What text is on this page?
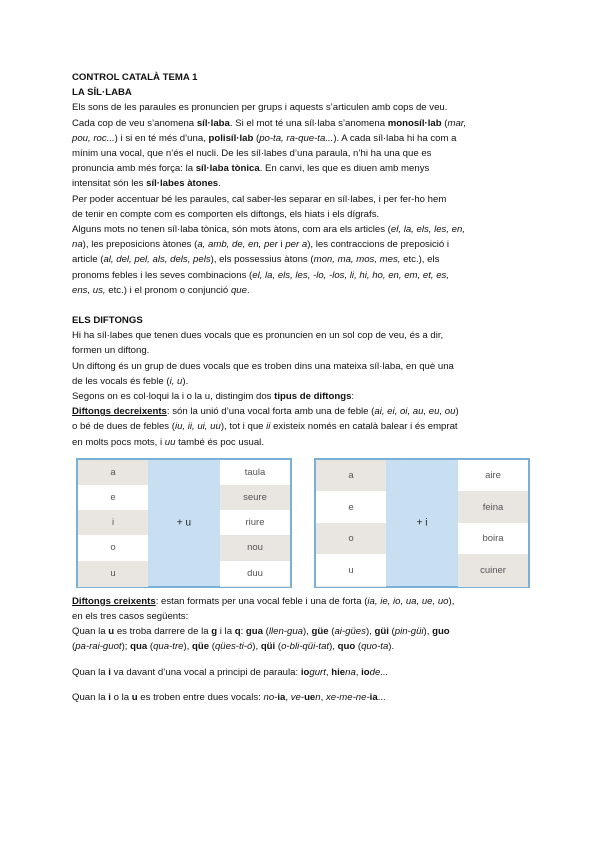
CONTROL CATALÀ TEMA 1
LA SÍL·LABA

Els sons de les paraules es pronuncien per grups i aquests s’articulen amb cops de veu.

Cada cop de veu s’anomena síl·laba. Si el mot té una síl·laba s’anomena monosíl·lab (mar,

pou, roc...) i si en té més d’una, polisíl·lab (po-ta, ra-que-ta...). A cada síl·laba hi ha com a

mínim una vocal, que n’és el nucli. De les síl·labes d’una paraula, n’hi ha una que es

pronuncia amb més força: la síl·laba tònica. En canvi, les que es diuen amb menys

intensitat són les síl·labes àtones.

Per poder accentuar bé les paraules, cal saber-les separar en síl·labes, i per fer-ho hem

de tenir en compte com es comporten els diftongs, els hiats i els dígrafs.

Alguns mots no tenen síl·laba tònica, són mots àtons, com ara els articles (el, la, els, les, en,

na), les preposicions àtones (a, amb, de, en, per i per a), les contraccions de preposició i

article (al, del, pel, als, dels, pels), els possessius àtons (mon, ma, mos, mes, etc.), els

pronoms febles i les seves combinacions (el, la, els, les, -lo, -los, li, hi, ho, en, em, et, es,

ens, us, etc.) i el pronom o conjunció que.

ELS DIFTONGS

Hi ha síl·labes que tenen dues vocals que es pronuncien en un sol cop de veu, és a dir,

formen un diftong.

Un diftong és un grup de dues vocals que es troben dins una mateixa síl·laba, en què una

de les vocals és feble (i, u).

Segons on es col·loqui la i o la u, distingim dos tipus de diftongs:

Diftongs decreixents: són la unió d’una vocal forta amb una de feble (ai, ei, oi, au, eu, ou)

o bé de dues de febles (iu, ii, ui, uu), tot i que ii existeix només en català balear i és emprat

en molts pocs mots, i uu també és poc usual.

a
e
i
o
u
+ u
taula
seure
riure
nou
duu
a
e
o
u
+ i
aire
feina
boira
cuiner

Diftongs creixents: estan formats per una vocal feble i una de forta (ia, ie, io, ua, ue, uo),

en els tres casos següents:

Quan la u es troba darrere de la g i la q: gua (llen-gua), güe (ai-gües), güi (pin-güi), guo

(pa-rai-guot); qua (qua-tre), qüe (qües-ti-ó), qüi (o-bli-qüi-tat), quo (quo-ta).

Quan la i va davant d’una vocal a principi de paraula: iogurt, hiena, iode...

Quan la i o la u es troben entre dues vocals: no-ia, ve-uen, xe-me-ne-ia...
